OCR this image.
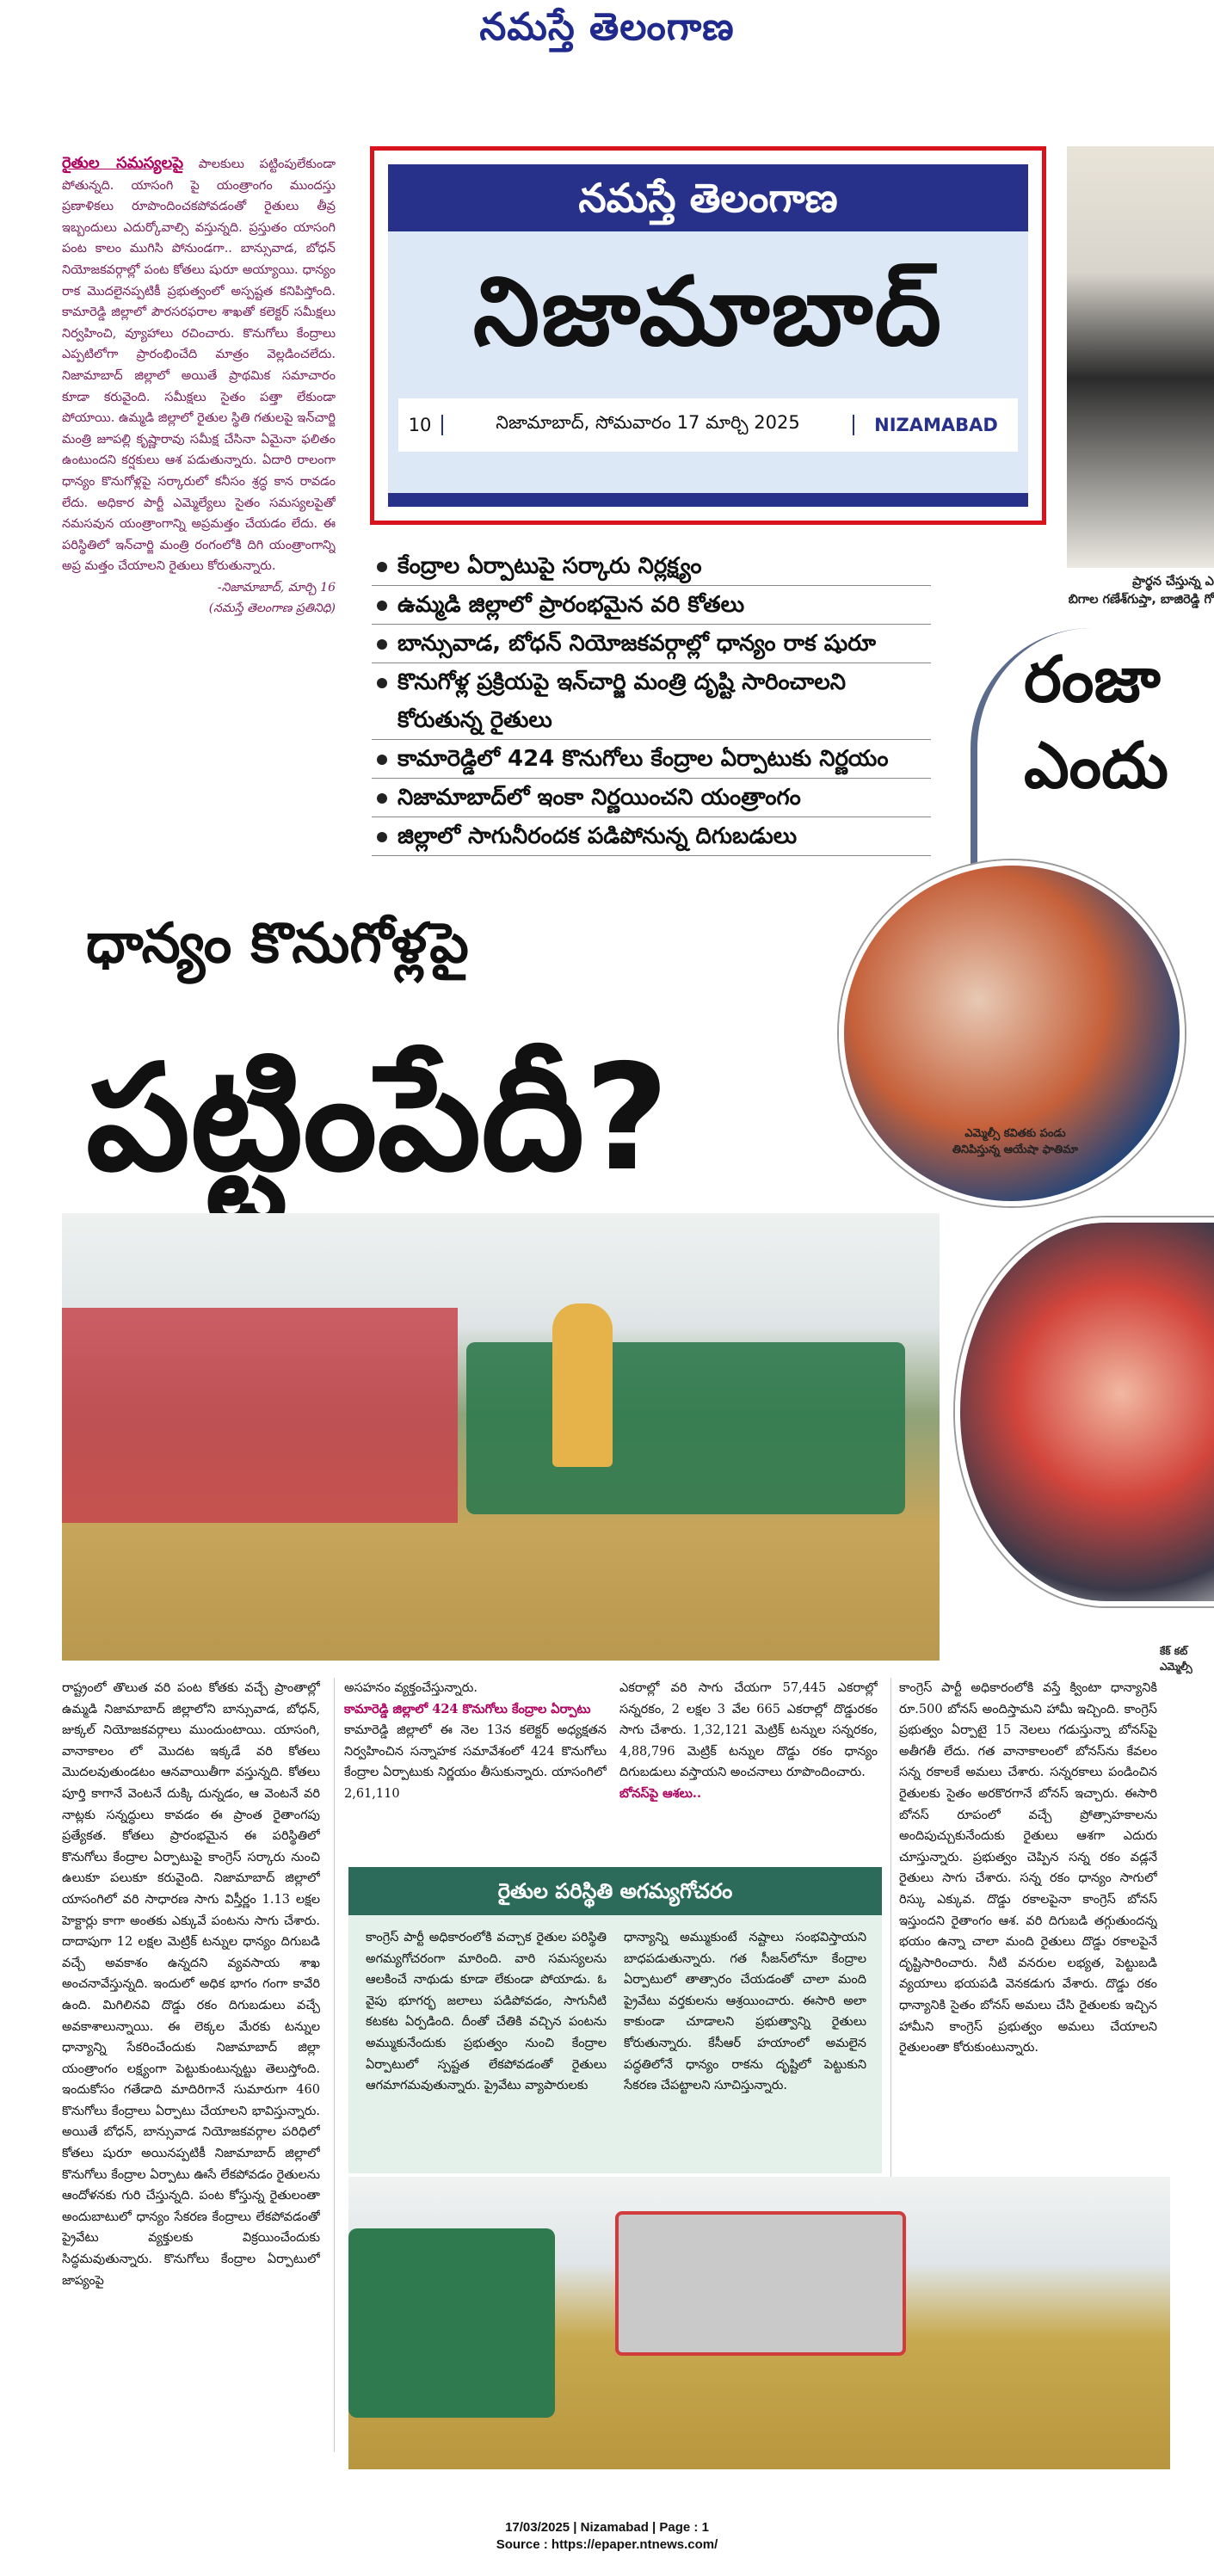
నమస్తే తెలంగాణ

రైతుల సమస్యలపై పాలకులు పట్టింపులేకుండా పోతున్నది. యాసంగి పై యంత్రాంగం ముందస్తు ప్రణాళికలు రూపొందించకపోవడంతో రైతులు తీవ్ర ఇబ్బందులు ఎదుర్కోవాల్సి వస్తున్నది. ప్రస్తుతం యాసంగి పంట కాలం ముగిసి పోనుండగా.. బాన్సువాడ, బోధన్ నియోజకవర్గాల్లో పంట కోతలు షురూ అయ్యాయి. ధాన్యం రాక మొదలైనప్పటికీ ప్రభుత్వంలో అస్పష్టత కనిపిస్తోంది. కామారెడ్డి జిల్లాలో పౌరసరఫరాల శాఖతో కలెక్టర్ సమీక్షలు నిర్వహించి, వ్యూహాలు రచించారు. కొనుగోలు కేంద్రాలు ఎప్పటిలోగా ప్రారంభించేది మాత్రం వెల్లడించలేదు. నిజామాబాద్ జిల్లాలో అయితే ప్రాథమిక సమాచారం కూడా కరువైంది. సమీక్షలు సైతం పత్తా లేకుండా పోయాయి. ఉమ్మడి జిల్లాలో రైతుల స్థితి గతులపై ఇన్‌చార్జి మంత్రి జూపల్లి కృష్ణారావు సమీక్ష చేసినా ఏమైనా ఫలితం ఉంటుందని కర్షకులు ఆశ పడుతున్నారు. ఏదారి రాలంగా ధాన్యం కొనుగోళ్లపై సర్కారులో కనీసం శ్రద్ధ కాన రావడం లేదు. అధికార పార్టీ ఎమ్మెల్యేలు సైతం సమస్యలపైతో నమసవున యంత్రాంగాన్ని అప్రమత్తం చేయడం లేదు. ఈ పరిస్థితిలో ఇన్‌చార్జి మంత్రి రంగంలోకి దిగి యంత్రాంగాన్ని అప్ర మత్తం చేయాలని రైతులు కోరుతున్నారు.

-నిజామాబాద్, మార్చి 16

(నమస్తే తెలంగాణ ప్రతినిధి)

నమస్తే తెలంగాణ
నిజామాబాద్
10	నిజామాబాద్, సోమవారం 17 మార్చి 2025	NIZAMABAD
ప్రార్థన చేస్తున్న ఎ
బిగాల గణేశ్‌గుప్తా, బాజిరెడ్డి గో
కేంద్రాల ఏర్పాటుపై సర్కారు నిర్లక్ష్యం
ఉమ్మడి జిల్లాలో ప్రారంభమైన వరి కోతలు
బాన్సువాడ, బోధన్ నియోజకవర్గాల్లో ధాన్యం రాక షురూ
కొనుగోళ్ల ప్రక్రియపై ఇన్‌చార్జి మంత్రి దృష్టి సారించాలని కోరుతున్న రైతులు
కామారెడ్డిలో 424 కొనుగోలు కేంద్రాల ఏర్పాటుకు నిర్ణయం
నిజామాబాద్‌లో ఇంకా నిర్ణయించని యంత్రాంగం
జిల్లాలో సాగునీరందక పడిపోనున్న దిగుబడులు
రంజా
ఎందు
ధాన్యం కొనుగోళ్లపై
పట్టింపేదీ?	ఎమ్మెల్సీ కవితకు పండు
తినిపిస్తున్న ఆయేషా ఫాతిమా
కేక్ కట్
ఎమ్మెల్సీ

రాష్ట్రంలో తొలుత వరి పంట కోతకు వచ్చే ప్రాంతాల్లో ఉమ్మడి నిజామాబాద్ జిల్లాలోని బాన్సువాడ, బోధన్, జుక్కల్ నియోజకవర్గాలు ముందుంటాయి. యాసంగి, వానాకాలం లో మొదట ఇక్కడే వరి కోతలు మొదలవుతుండటం ఆనవాయితీగా వస్తున్నది. కోతలు పూర్తి కాగానే వెంటనే దుక్కి దున్నడం, ఆ వెంటనే వరి నాట్లకు సన్నద్ధులు కావడం ఈ ప్రాంత రైతాంగపు ప్రత్యేకత. కోతలు ప్రారంభమైన ఈ పరిస్థితిలో కొనుగోలు కేంద్రాల ఏర్పాటుపై కాంగ్రెస్ సర్కారు నుంచి ఉలుకూ పలుకూ కరువైంది. నిజామాబాద్ జిల్లాలో యాసంగిలో వరి సాధారణ సాగు విస్తీర్ణం 1.13 లక్షల హెక్టార్లు కాగా అంతకు ఎక్కువే పంటను సాగు చేశారు. దాదాపుగా 12 లక్షల మెట్రిక్ టన్నుల ధాన్యం దిగుబడి వచ్చే అవకాశం ఉన్నదని వ్యవసాయ శాఖ అంచనావేస్తున్నది. ఇందులో అధిక భాగం గంగా కావేరి ఉంది. మిగిలినవి దొడ్డు రకం దిగుబడులు వచ్చే అవకాశాలున్నాయి. ఈ లెక్కల మేరకు టన్నుల ధాన్యాన్ని సేకరించేందుకు నిజామాబాద్ జిల్లా యంత్రాంగం లక్ష్యంగా పెట్టుకుంటున్నట్టు తెలుస్తోంది. ఇందుకోసం గతేడాది మాదిరిగానే సుమారుగా 460 కొనుగోలు కేంద్రాలు ఏర్పాటు చేయాలని భావిస్తున్నారు. అయితే బోధన్, బాన్సువాడ నియోజకవర్గాల పరిధిలో కోతలు షురూ అయినప్పటికీ నిజామాబాద్ జిల్లాలో కొనుగోలు కేంద్రాల ఏర్పాటు ఊసే లేకపోవడం రైతులను ఆందోళనకు గురి చేస్తున్నది. పంట కోస్తున్న రైతులంతా అందుబాటులో ధాన్యం సేకరణ కేంద్రాలు లేకపోవడంతో ప్రైవేటు వ్యక్తులకు విక్రయించేందుకు సిద్ధమవుతున్నారు. కొనుగోలు కేంద్రాల ఏర్పాటులో జాప్యంపై

అసహనం వ్యక్తంచేస్తున్నారు.

కామారెడ్డి జిల్లాలో 424 కొనుగోలు కేంద్రాల ఏర్పాటు

కామారెడ్డి జిల్లాలో ఈ నెల 13న కలెక్టర్ అధ్యక్షతన నిర్వహించిన సన్నాహక సమావేశంలో 424 కొనుగోలు కేంద్రాల ఏర్పాటుకు నిర్ణయం తీసుకున్నారు. యాసంగిలో 2,61,110

ఎకరాల్లో వరి సాగు చేయగా 57,445 ఎకరాల్లో సన్నరకం, 2 లక్షల 3 వేల 665 ఎకరాల్లో దొడ్డురకం సాగు చేశారు. 1,32,121 మెట్రిక్ టన్నుల సన్నరకం, 4,88,796 మెట్రిక్ టన్నుల దొడ్డు రకం ధాన్యం దిగుబడులు వస్తాయని అంచనాలు రూపొందించారు.

బోనస్‌పై ఆశలు..

కాంగ్రెస్ పార్టీ అధికారంలోకి వస్తే క్వింటా ధాన్యానికి రూ.500 బోనస్ అందిస్తామని హామీ ఇచ్చింది. కాంగ్రెస్ ప్రభుత్వం ఏర్పాటై 15 నెలలు గడుస్తున్నా బోనస్‌పై అతీగతీ లేదు. గత వానాకాలంలో బోనస్‌ను కేవలం సన్న రకాలకే అమలు చేశారు. సన్నరకాలు పండించిన రైతులకు సైతం అరకొరగానే బోనస్ ఇచ్చారు. ఈసారి బోనస్ రూపంలో వచ్చే ప్రోత్సాహకాలను అందిపుచ్చుకునేందుకు రైతులు ఆశగా ఎదురు చూస్తున్నారు. ప్రభుత్వం చెప్పిన సన్న రకం వడ్లనే రైతులు సాగు చేశారు. సన్న రకం ధాన్యం సాగులో రిస్కు ఎక్కువ. దొడ్డు రకాలపైనా కాంగ్రెస్ బోనస్ ఇస్తుందని రైతాంగం ఆశ. వరి దిగుబడి తగ్గుతుందన్న భయం ఉన్నా చాలా మంది రైతులు దొడ్డు రకాలపైనే దృష్టిసారించారు. నీటి వనరుల లభ్యత, పెట్టుబడి వ్యయాలు భయపడి వెనకడుగు వేశారు. దొడ్డు రకం ధాన్యానికి సైతం బోనస్ అమలు చేసి రైతులకు ఇచ్చిన హామీని కాంగ్రెస్ ప్రభుత్వం అమలు చేయాలని రైతులంతా కోరుకుంటున్నారు.

రైతుల పరిస్థితి అగమ్యగోచరం

కాంగ్రెస్ పార్టీ అధికారంలోకి వచ్చాక రైతుల పరిస్థితి అగమ్యగోచరంగా మారింది. వారి సమస్యలను ఆలకించే నాథుడు కూడా లేకుండా పోయాడు. ఓ వైపు భూగర్భ జలాలు పడిపోవడం, సాగునీటి కటకట ఏర్పడింది. దీంతో చేతికి వచ్చిన పంటను అమ్ముకునేందుకు ప్రభుత్వం నుంచి కేంద్రాల ఏర్పాటులో స్పష్టత లేకపోవడంతో రైతులు ఆగమాగమవుతున్నారు. ప్రైవేటు వ్యాపారులకు

ధాన్యాన్ని అమ్ముకుంటే నష్టాలు సంభవిస్తాయని బాధపడుతున్నారు. గత సీజన్‌లోనూ కేంద్రాల ఏర్పాటులో తాత్సారం చేయడంతో చాలా మంది ప్రైవేటు వర్తకులను ఆశ్రయించారు. ఈసారి అలా కాకుండా చూడాలని ప్రభుత్వాన్ని రైతులు కోరుతున్నారు. కేసీఆర్ హయాంలో అమలైన పద్ధతిలోనే ధాన్యం రాకను దృష్టిలో పెట్టుకుని సేకరణ చేపట్టాలని సూచిస్తున్నారు.

17/03/2025 | Nizamabad | Page : 1
Source : https://epaper.ntnews.com/
